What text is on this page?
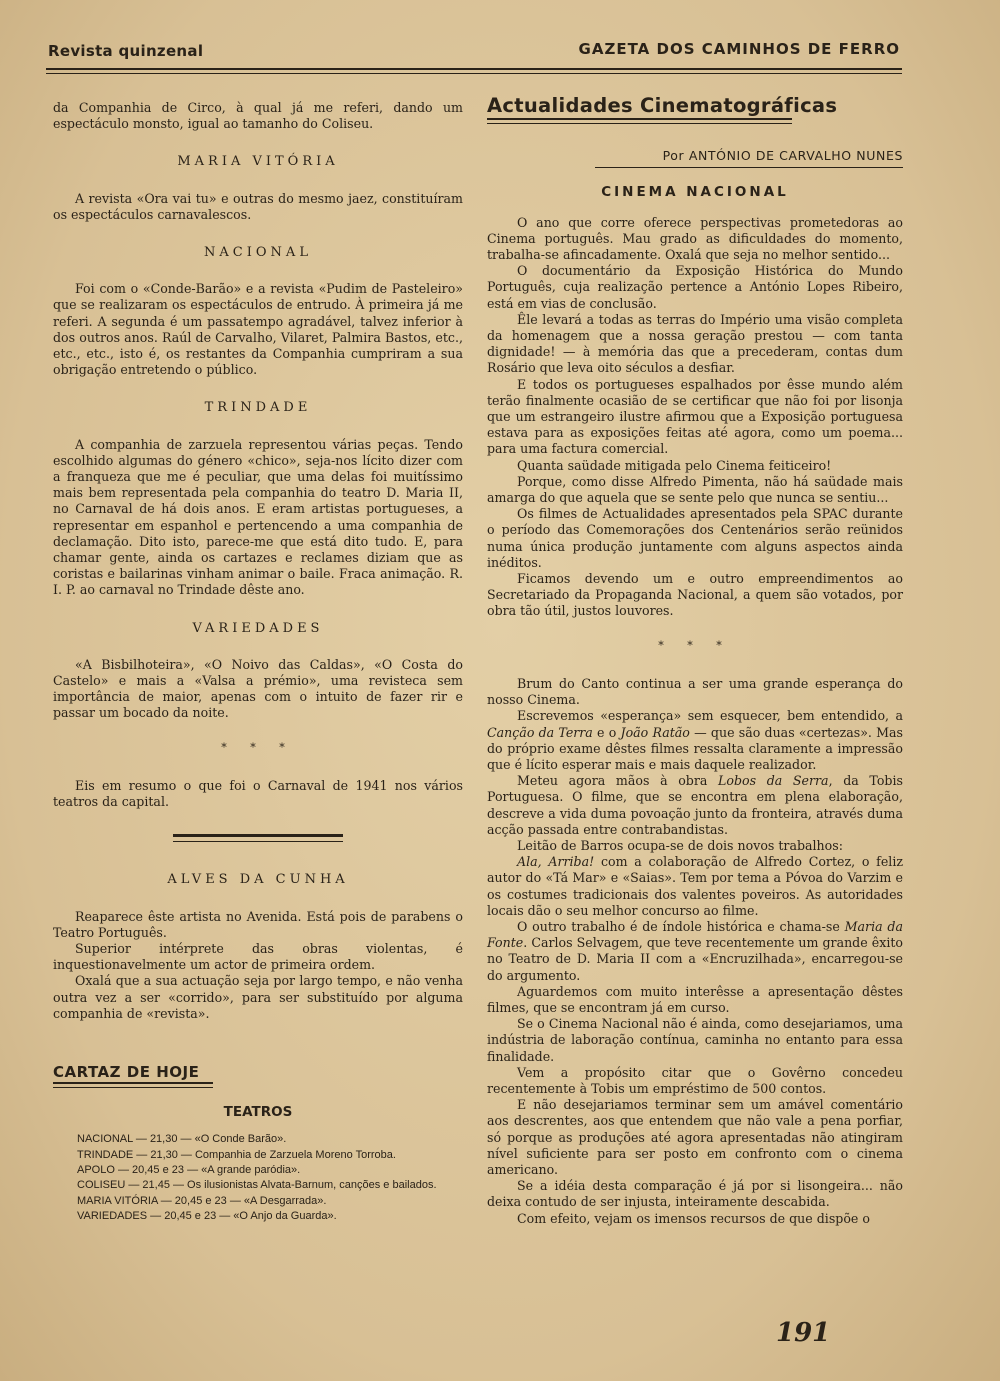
Revista quinzenal	GAZETA DOS CAMINHOS DE FERRO

da Companhia de Circo, à qual já me referi, dando um espectáculo monsto, igual ao tamanho do Coliseu.

MARIA VITÓRIA

A revista «Ora vai tu» e outras do mesmo jaez, constituíram os espectáculos carnavalescos.

NACIONAL

Foi com o «Conde-Barão» e a revista «Pudim de Pasteleiro» que se realizaram os espectáculos de entrudo. À primeira já me referi. A segunda é um passatempo agradável, talvez inferior à dos outros anos. Raúl de Carvalho, Vilaret, Palmira Bastos, etc., etc., etc., isto é, os restantes da Companhia cumpriram a sua obrigação entretendo o público.

TRINDADE

A companhia de zarzuela representou várias peças. Tendo escolhido algumas do género «chico», seja-nos lícito dizer com a franqueza que me é peculiar, que uma delas foi muitíssimo mais bem representada pela companhia do teatro D. Maria II, no Carnaval de há dois anos. E eram artistas portugueses, a representar em espanhol e pertencendo a uma companhia de declamação. Dito isto, parece-me que está dito tudo. E, para chamar gente, ainda os cartazes e reclames diziam que as coristas e bailarinas vinham animar o baile. Fraca animação. R. I. P. ao carnaval no Trindade dêste ano.

VARIEDADES

«A Bisbilhoteira», «O Noivo das Caldas», «O Costa do Castelo» e mais a «Valsa a prémio», uma revisteca sem importância de maior, apenas com o intuito de fazer rir e passar um bocado da noite.

* * *

Eis em resumo o que foi o Carnaval de 1941 nos vários teatros da capital.

ALVES DA CUNHA

Reaparece êste artista no Avenida. Está pois de parabens o Teatro Português.

Superior intérprete das obras violentas, é inquestionavelmente um actor de primeira ordem.

Oxalá que a sua actuação seja por largo tempo, e não venha outra vez a ser «corrido», para ser substituído por alguma companhia de «revista».

CARTAZ DE HOJE
TEATROS
NACIONAL — 21,30 — «O Conde Barão».
TRINDADE — 21,30 — Companhia de Zarzuela Moreno Torroba.
APOLO — 20,45 e 23 — «A grande paródia».
COLISEU — 21,45 — Os ilusionistas Alvata-Barnum, canções e bailados.
MARIA VITÓRIA — 20,45 e 23 — «A Desgarrada».
VARIEDADES — 20,45 e 23 — «O Anjo da Guarda».
Actualidades Cinematográficas
Por ANTÓNIO DE CARVALHO NUNES
CINEMA NACIONAL

O ano que corre oferece perspectivas prometedoras ao Cinema português. Mau grado as dificuldades do momento, trabalha-se afincadamente. Oxalá que seja no melhor sentido...

O documentário da Exposição Histórica do Mundo Português, cuja realização pertence a António Lopes Ribeiro, está em vias de conclusão.

Êle levará a todas as terras do Império uma visão completa da homenagem que a nossa geração prestou — com tanta dignidade! — à memória das que a precederam, contas dum Rosário que leva oito séculos a desfiar.

E todos os portugueses espalhados por êsse mundo além terão finalmente ocasião de se certificar que não foi por lisonja que um estrangeiro ilustre afirmou que a Exposição portuguesa estava para as exposições feitas até agora, como um poema... para uma factura comercial.

Quanta saüdade mitigada pelo Cinema feiticeiro!

Porque, como disse Alfredo Pimenta, não há saüdade mais amarga do que aquela que se sente pelo que nunca se sentiu...

Os filmes de Actualidades apresentados pela SPAC durante o período das Comemorações dos Centenários serão reünidos numa única produção juntamente com alguns aspectos ainda inéditos.

Ficamos devendo um e outro empreendimentos ao Secretariado da Propaganda Nacional, a quem são votados, por obra tão útil, justos louvores.

* * *

Brum do Canto continua a ser uma grande esperança do nosso Cinema.

Escrevemos «esperança» sem esquecer, bem entendido, a Canção da Terra e o João Ratão — que são duas «certezas». Mas do próprio exame dêstes filmes ressalta claramente a impressão que é lícito esperar mais e mais daquele realizador.

Meteu agora mãos à obra Lobos da Serra, da Tobis Portuguesa. O filme, que se encontra em plena elaboração, descreve a vida duma povoação junto da fronteira, através duma acção passada entre contrabandistas.

Leitão de Barros ocupa-se de dois novos trabalhos:

Ala, Arriba! com a colaboração de Alfredo Cortez, o feliz autor do «Tá Mar» e «Saias». Tem por tema a Póvoa do Varzim e os costumes tradicionais dos valentes poveiros. As autoridades locais dão o seu melhor concurso ao filme.

O outro trabalho é de índole histórica e chama-se Maria da Fonte. Carlos Selvagem, que teve recentemente um grande êxito no Teatro de D. Maria II com a «Encruzilhada», encarregou-se do argumento.

Aguardemos com muito interêsse a apresentação dêstes filmes, que se encontram já em curso.

Se o Cinema Nacional não é ainda, como desejariamos, uma indústria de laboração contínua, caminha no entanto para essa finalidade.

Vem a propósito citar que o Govêrno concedeu recentemente à Tobis um empréstimo de 500 contos.

E não desejariamos terminar sem um amável comentário aos descrentes, aos que entendem que não vale a pena porfiar, só porque as produções até agora apresentadas não atingiram nível suficiente para ser posto em confronto com o cinema americano.

Se a idéia desta comparação é já por si lisongeira... não deixa contudo de ser injusta, inteiramente descabida.

Com efeito, vejam os imensos recursos de que dispõe o

191
